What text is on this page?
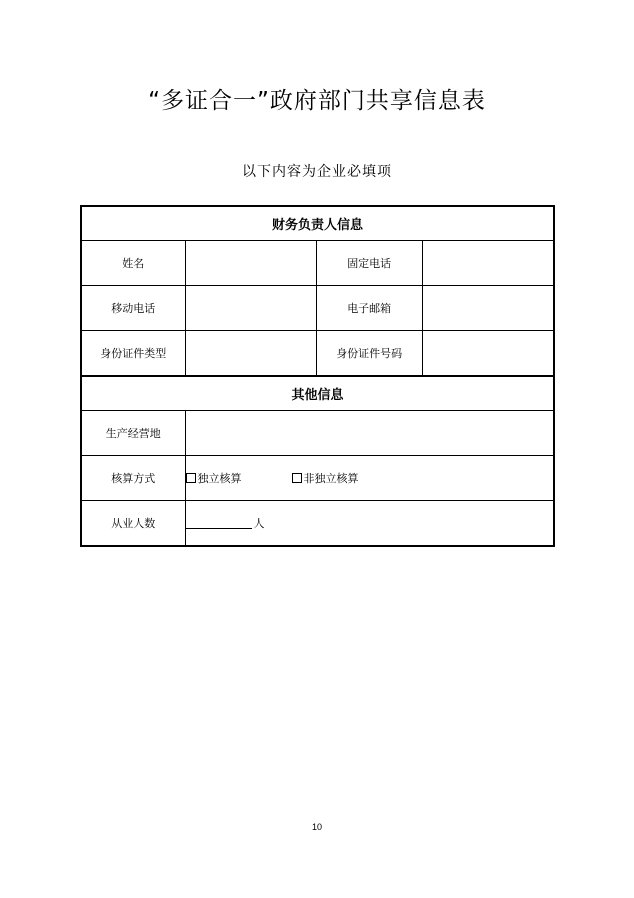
“多证合一”政府部门共享信息表
以下内容为企业必填项
财务负责人信息			
姓名		固定电话	
移动电话		电子邮箱	
身份证件类型		身份证件号码	
其他信息			
生产经营地			
核算方式	独立核算 非独立核算		
从业人数	人		
10
